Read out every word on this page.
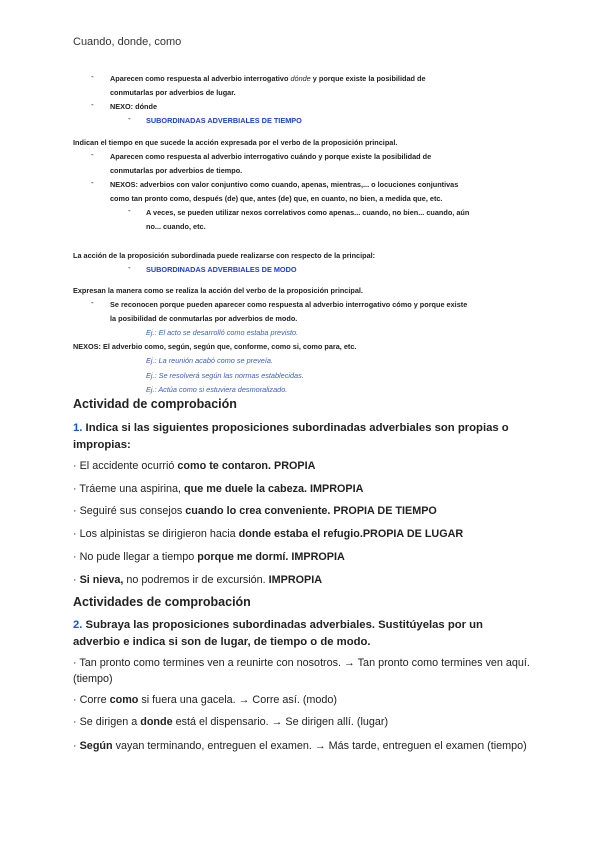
Cuando, donde, como
- Aparecen como respuesta al adverbio interrogativo dónde y porque existe la posibilidad de
conmutarlas por adverbios de lugar.
- NEXO: dónde
- SUBORDINADAS ADVERBIALES DE TIEMPO
Indican el tiempo en que sucede la acción expresada por el verbo de la proposición principal.
- Aparecen como respuesta al adverbio interrogativo cuándo y porque existe la posibilidad de
conmutarlas por adverbios de tiempo.
- NEXOS: adverbios con valor conjuntivo como cuando, apenas, mientras,... o locuciones conjuntivas
como tan pronto como, después (de) que, antes (de) que, en cuanto, no bien, a medida que, etc.
- A veces, se pueden utilizar nexos correlativos como apenas... cuando, no bien... cuando, aún
no... cuando, etc.
La acción de la proposición subordinada puede realizarse con respecto de la principal:
- SUBORDINADAS ADVERBIALES DE MODO
Expresan la manera como se realiza la acción del verbo de la proposición principal.
- Se reconocen porque pueden aparecer como respuesta al adverbio interrogativo cómo y porque existe
la posibilidad de conmutarlas por adverbios de modo.
Ej.: El acto se desarrolló como estaba previsto.
NEXOS: El adverbio como, según, según que, conforme, como si, como para, etc.
Ej.: La reunión acabó como se preveía.
Ej.: Se resolverá según las normas establecidas.
Ej.: Actúa como si estuviera desmoralizado.
Actividad de comprobación
1. Indica si las siguientes proposiciones subordinadas adverbiales son propias o impropias:
· El accidente ocurrió como te contaron. PROPIA
· Tráeme una aspirina, que me duele la cabeza. IMPROPIA
· Seguiré sus consejos cuando lo crea conveniente. PROPIA DE TIEMPO
· Los alpinistas se dirigieron hacia donde estaba el refugio.PROPIA DE LUGAR
· No pude llegar a tiempo porque me dormí. IMPROPIA
· Si nieva, no podremos ir de excursión. IMPROPIA
Actividades de comprobación
2. Subraya las proposiciones subordinadas adverbiales. Sustitúyelas por un adverbio e indica si son de lugar, de tiempo o de modo.
· Tan pronto como termines ven a reunirte con nosotros. → Tan pronto como termines ven aquí. (tiempo)
· Corre como si fuera una gacela. → Corre así. (modo)
· Se dirigen a donde está el dispensario. → Se dirigen allí. (lugar)
· Según vayan terminando, entreguen el examen. → Más tarde, entreguen el examen (tiempo)
